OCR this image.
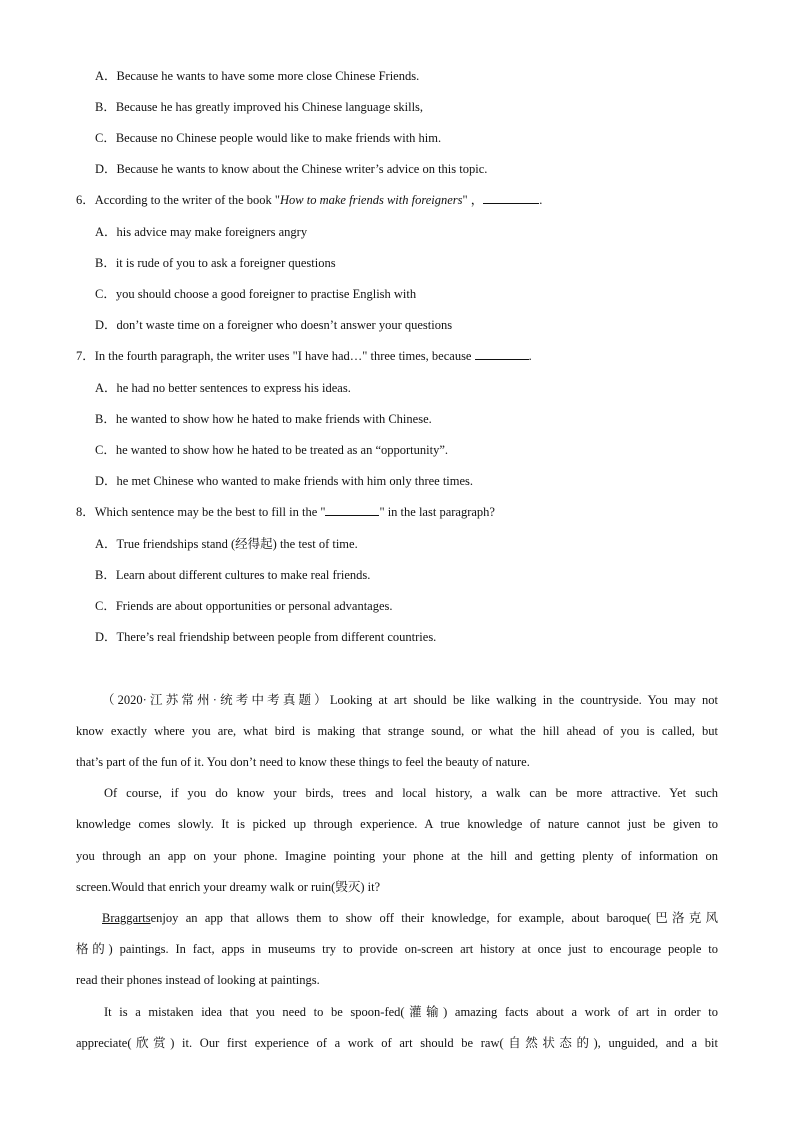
A．Because he wants to have some more close Chinese Friends.
B．Because he has greatly improved his Chinese language skills,
C．Because no Chinese people would like to make friends with him.
D．Because he wants to know about the Chinese writer’s advice on this topic.
6．According to the writer of the book "How to make friends with foreigners" ，	.
A．his advice may make foreigners angry
B．it is rude of you to ask a foreigner questions
C．you should choose a good foreigner to practise English with
D．don’t waste time on a foreigner who doesn’t answer your questions
7．In the fourth paragraph, the writer uses "I have had…" three times, because	.
A．he had no better sentences to express his ideas.
B．he wanted to show how he hated to make friends with Chinese.
C．he wanted to show how he hated to be treated as an “opportunity”.
D．he met Chinese who wanted to make friends with him only three times.
8．Which sentence may be the best to fill in the "	" in the last paragraph?
A．True friendships stand (经得起) the test of time.
B．Learn about different cultures to make real friends.
C．Friends are about opportunities or personal advantages.
D．There’s real friendship between people from different countries.
（2020·江苏常州·统考中考真题）Looking at art should be like walking in the countryside. You may not
know exactly where you are, what bird is making that strange sound, or what the hill ahead of you is called, but
that’s part of the fun of it. You don’t need to know these things to feel the beauty of nature.
Of course, if you do know your birds, trees and local history, a walk can be more attractive. Yet such
knowledge comes slowly. It is picked up through experience. A true knowledge of nature cannot just be given to
you through an app on your phone. Imagine pointing your phone at the hill and getting plenty of information on
screen.Would that enrich your dreamy walk or ruin(毁灭) it?
Braggarts enjoy an app that allows them to show off their knowledge, for example, about baroque(巴洛克风
格的) paintings. In fact, apps in museums try to provide on-screen art history at once just to encourage people to
read their phones instead of looking at paintings.
It is a mistaken idea that you need to be spoon-fed(灌输) amazing facts about a work of art in order to
appreciate(欣赏) it. Our first experience of a work of art should be raw(自然状态的), unguided, and a bit
